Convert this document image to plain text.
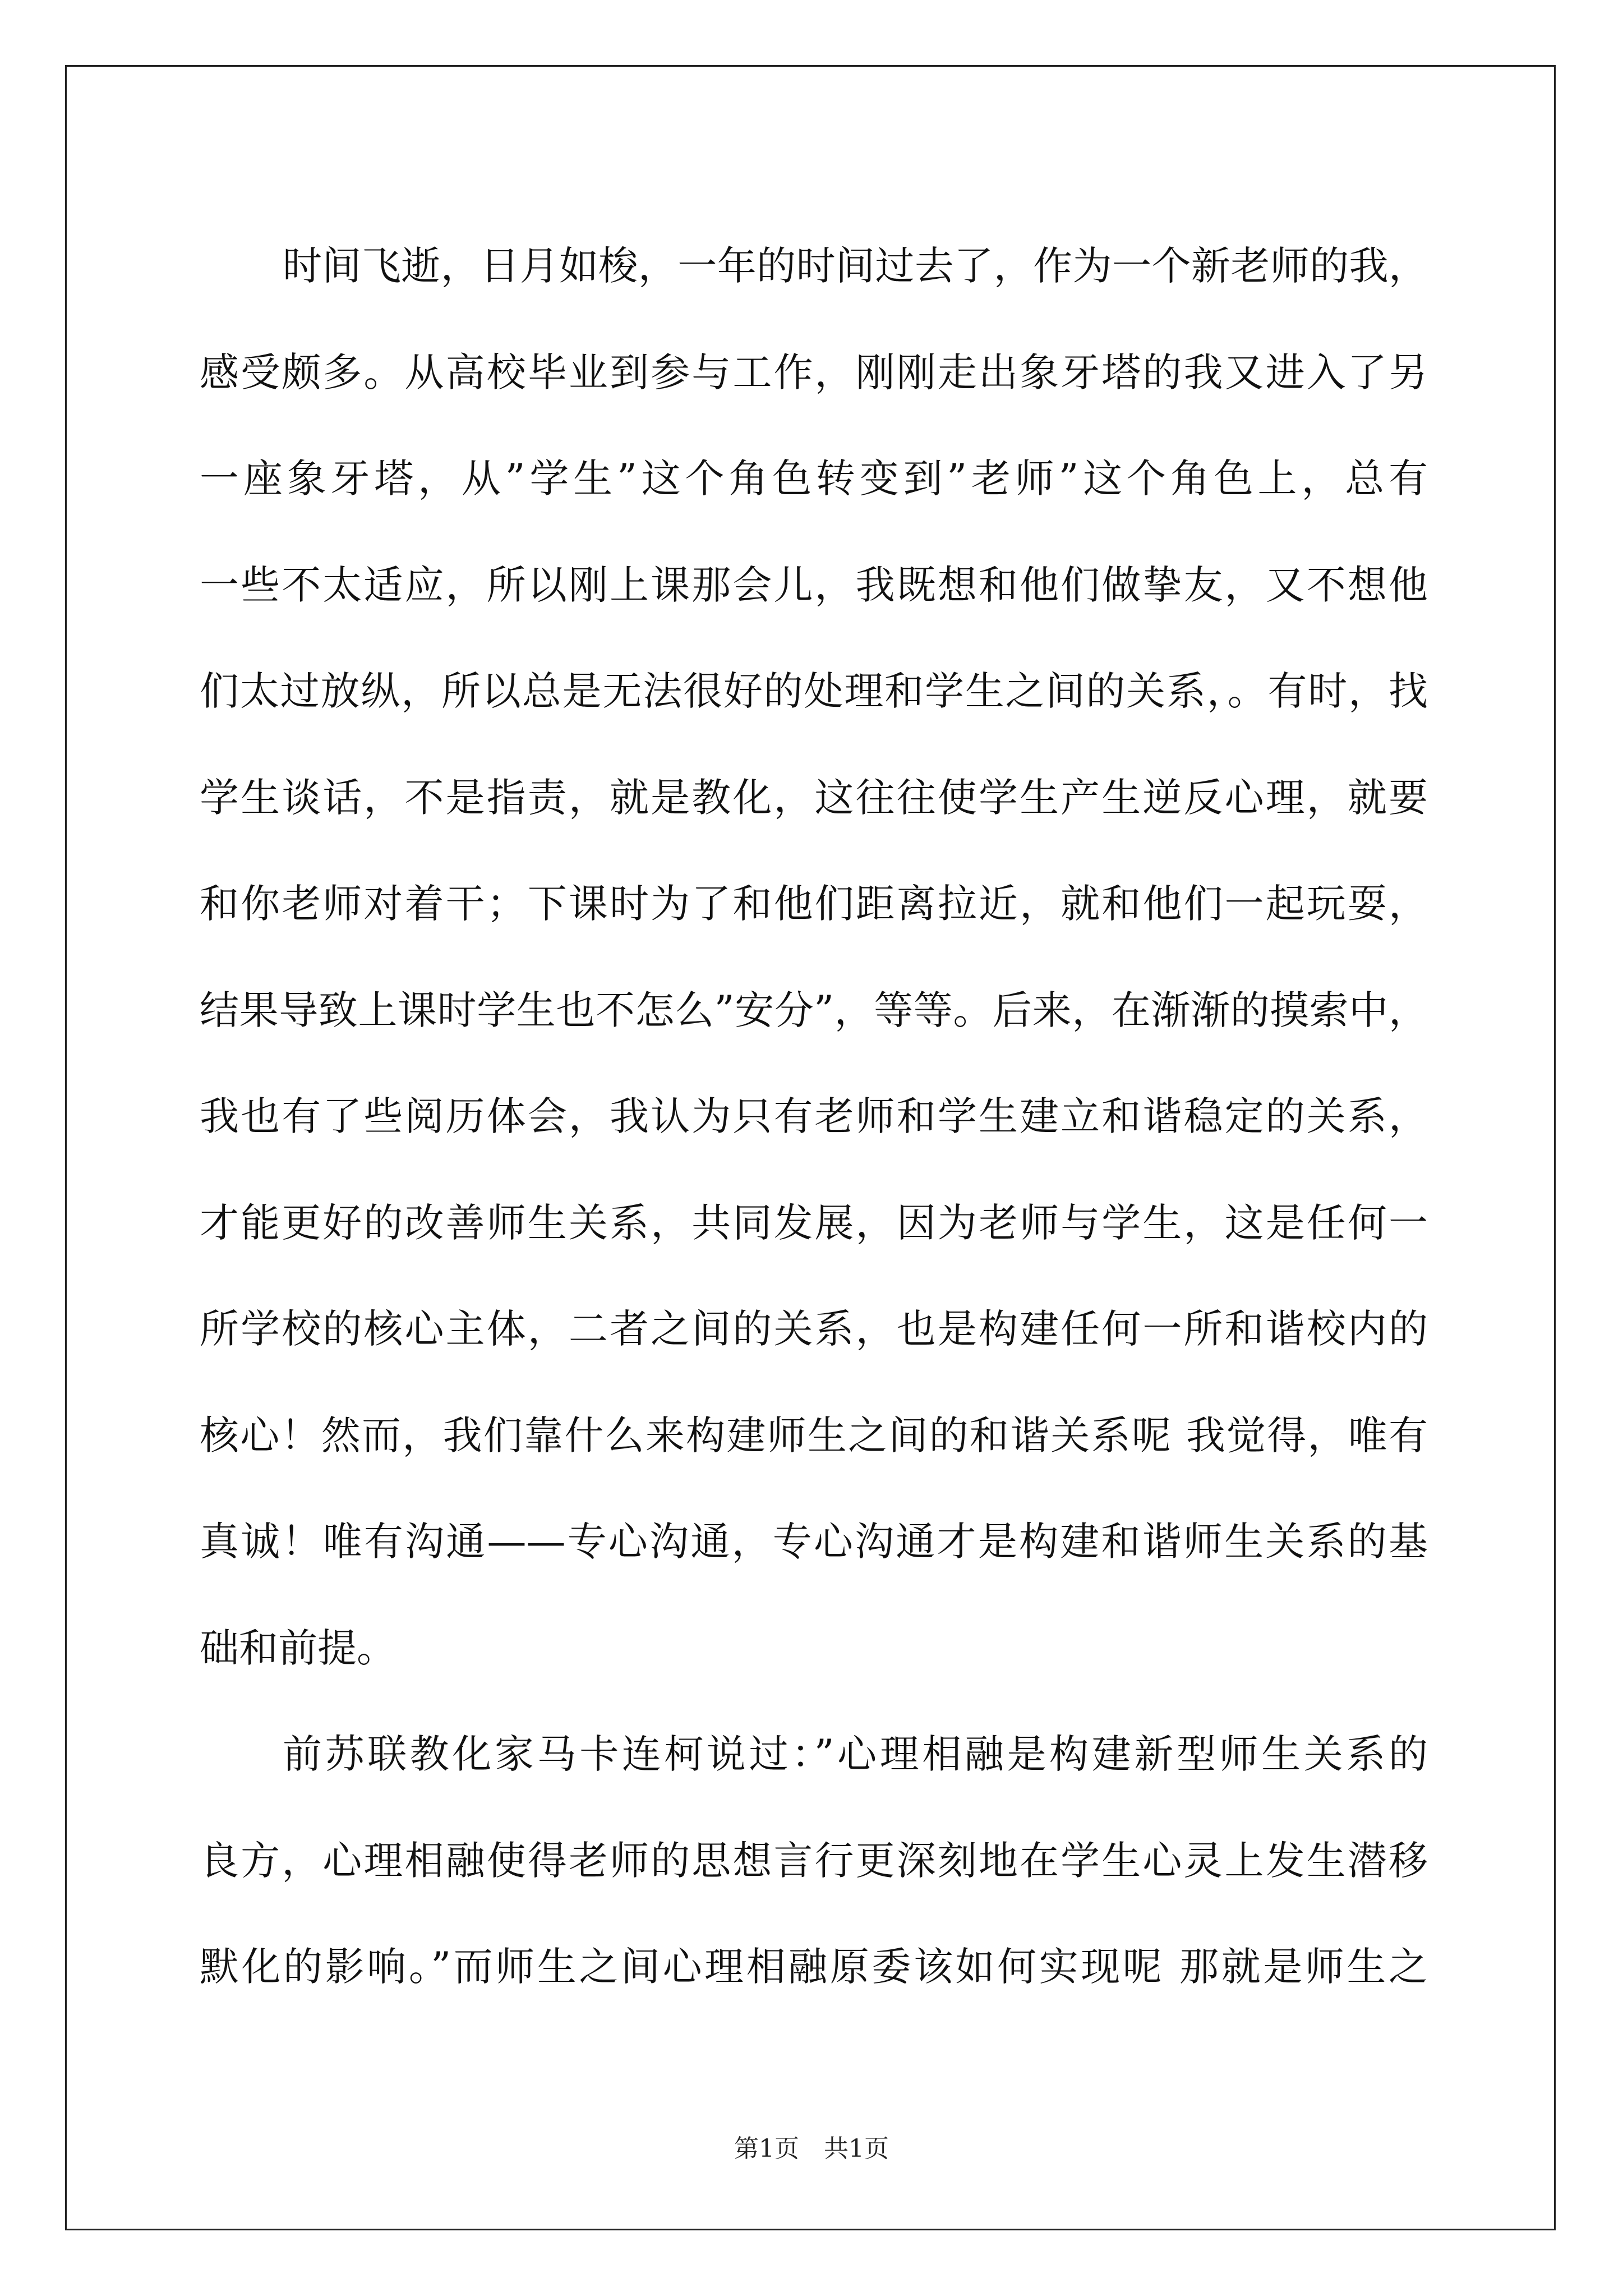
时间飞逝，日月如梭，一年的时间过去了，作为一个新老师的我，
感受颇多。从高校毕业到参与工作，刚刚走出象牙塔的我又进入了另
一座象牙塔，从”学生”这个角色转变到”老师”这个角色上，总有
一些不太适应，所以刚上课那会儿，我既想和他们做挚友，又不想他
们太过放纵，所以总是无法很好的处理和学生之间的关系，。有时，找
学生谈话，不是指责，就是教化，这往往使学生产生逆反心理，就要
和你老师对着干；下课时为了和他们距离拉近，就和他们一起玩耍，
结果导致上课时学生也不怎么”安分”，等等。后来，在渐渐的摸索中，
我也有了些阅历体会，我认为只有老师和学生建立和谐稳定的关系，
才能更好的改善师生关系，共同发展，因为老师与学生，这是任何一
所学校的核心主体，二者之间的关系，也是构建任何一所和谐校内的
核心！然而，我们靠什么来构建师生之间的和谐关系呢 我觉得，唯有
真诚！唯有沟通——专心沟通，专心沟通才是构建和谐师生关系的基
础和前提。
前苏联教化家马卡连柯说过：”心理相融是构建新型师生关系的
良方，心理相融使得老师的思想言行更深刻地在学生心灵上发生潜移
默化的影响。”而师生之间心理相融原委该如何实现呢 那就是师生之
第1页　共1页
